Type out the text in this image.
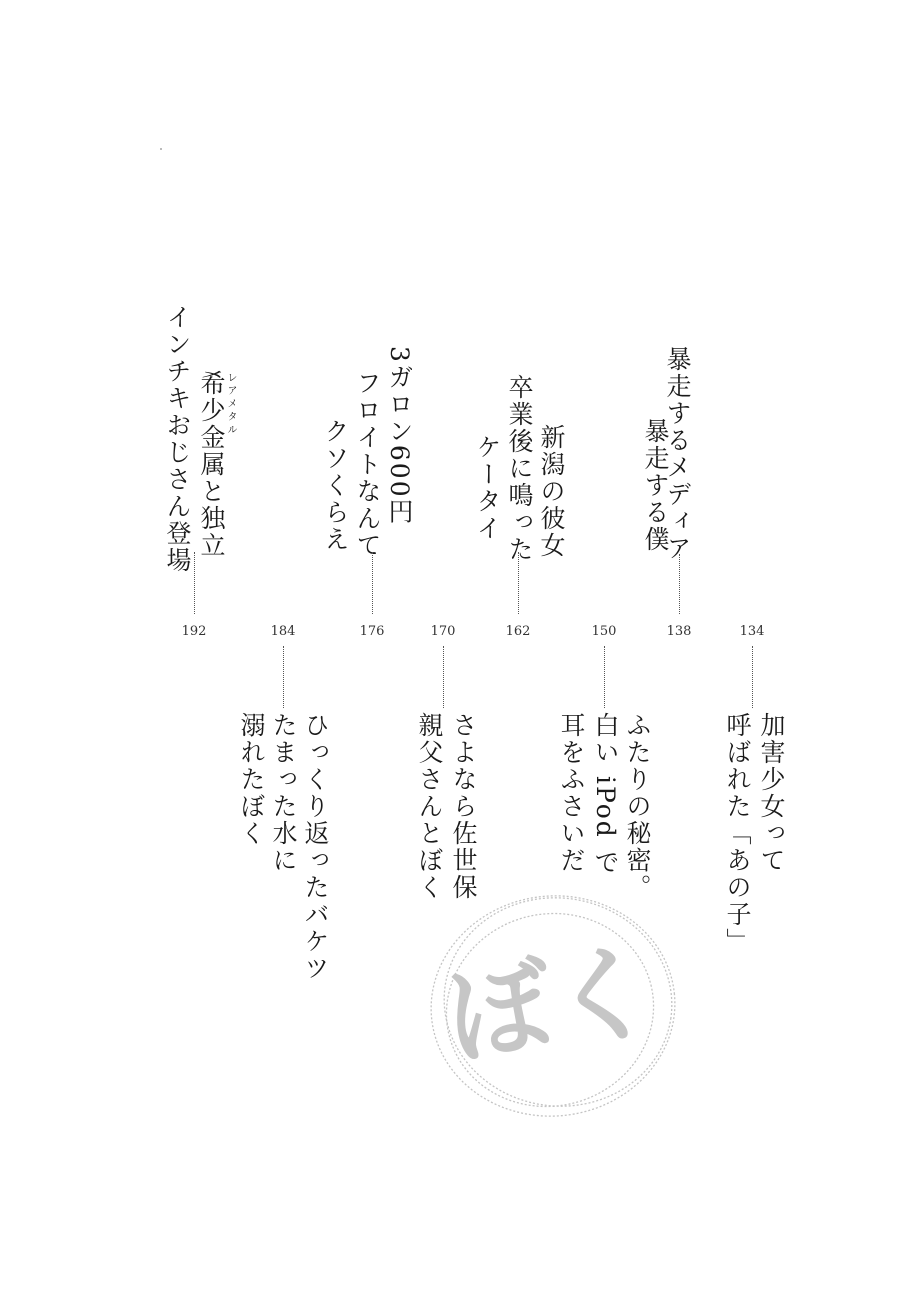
暴走するメディア

暴走する僕

新潟の彼女

卒業後に鳴った

ケータイ

3ガロン600円

フロイトなんて

クソくらえ

レアメタル

希少金属と独立

インチキおじさん登場

134
138
150
162
170
176
184
192

加害少女って

呼ばれた「あの子」

ふたりの秘密。

白い iPod で

耳をふさいだ

さよなら佐世保

親父さんとぼく

ひっくり返ったバケツ

たまった水に

溺れたぼく

ぼく
